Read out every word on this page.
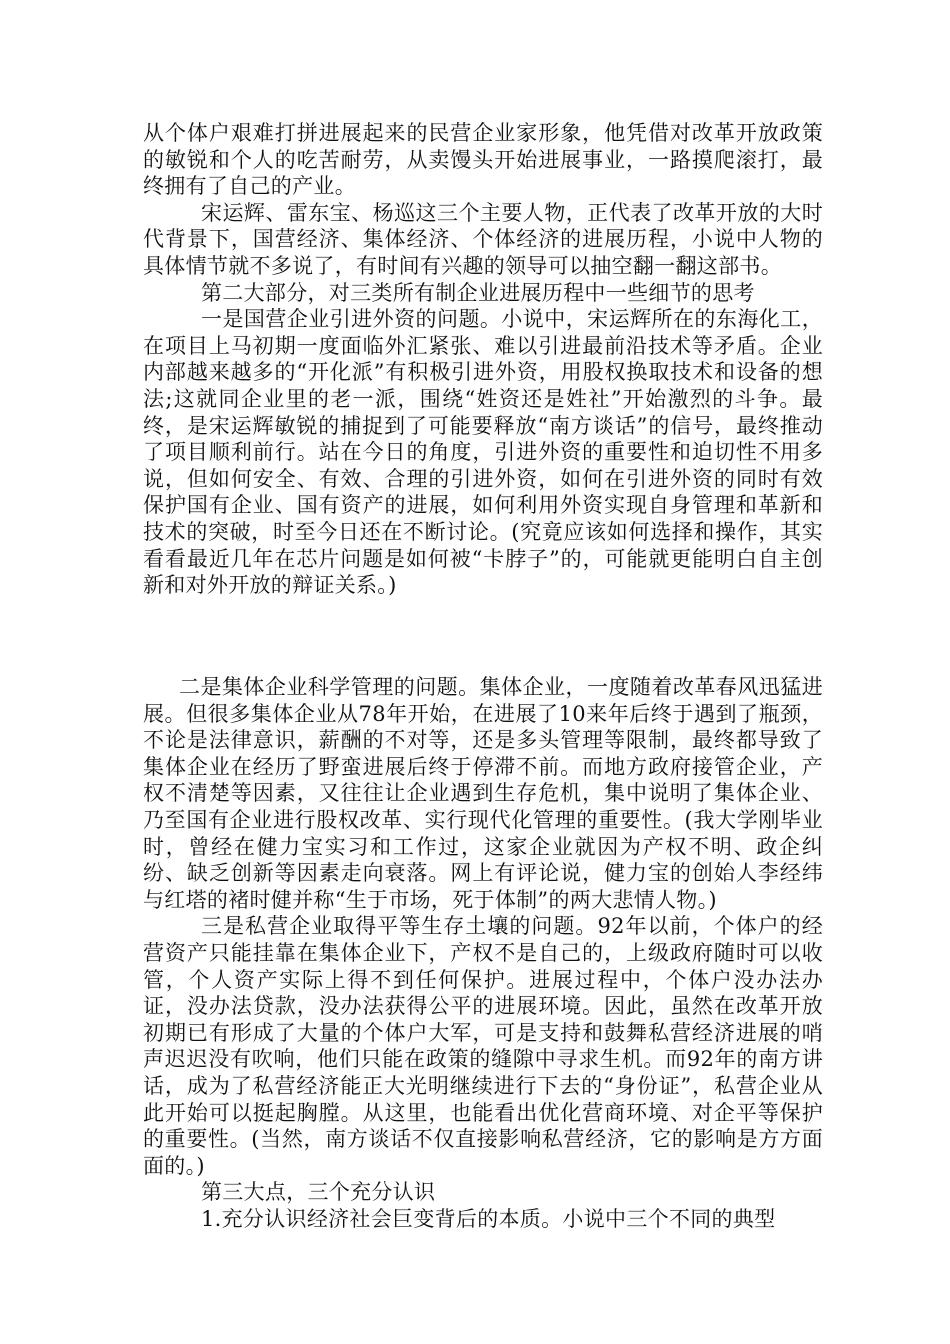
从个体户艰难打拼进展起来的民营企业家形象，他凭借对改革开放政策的敏锐和个人的吃苦耐劳，从卖馒头开始进展事业，一路摸爬滚打，最终拥有了自己的产业。

宋运辉、雷东宝、杨巡这三个主要人物，正代表了改革开放的大时代背景下，国营经济、集体经济、个体经济的进展历程，小说中人物的具体情节就不多说了，有时间有兴趣的领导可以抽空翻一翻这部书。

第二大部分，对三类所有制企业进展历程中一些细节的思考

一是国营企业引进外资的问题。小说中，宋运辉所在的东海化工，在项目上马初期一度面临外汇紧张、难以引进最前沿技术等矛盾。企业内部越来越多的“开化派”有积极引进外资，用股权换取技术和设备的想法;这就同企业里的老一派，围绕“姓资还是姓社”开始激烈的斗争。最终，是宋运辉敏锐的捕捉到了可能要释放“南方谈话”的信号，最终推动了项目顺利前行。站在今日的角度，引进外资的重要性和迫切性不用多说，但如何安全、有效、合理的引进外资，如何在引进外资的同时有效保护国有企业、国有资产的进展，如何利用外资实现自身管理和革新和技术的突破，时至今日还在不断讨论。(究竟应该如何选择和操作，其实看看最近几年在芯片问题是如何被“卡脖子”的，可能就更能明白自主创新和对外开放的辩证关系。)

二是集体企业科学管理的问题。集体企业，一度随着改革春风迅猛进展。但很多集体企业从78年开始，在进展了10来年后终于遇到了瓶颈，不论是法律意识，薪酬的不对等，还是多头管理等限制，最终都导致了集体企业在经历了野蛮进展后终于停滞不前。而地方政府接管企业，产权不清楚等因素，又往往让企业遇到生存危机，集中说明了集体企业、乃至国有企业进行股权改革、实行现代化管理的重要性。(我大学刚毕业时，曾经在健力宝实习和工作过，这家企业就因为产权不明、政企纠纷、缺乏创新等因素走向衰落。网上有评论说，健力宝的创始人李经纬与红塔的褚时健并称“生于市场，死于体制”的两大悲情人物。)

三是私营企业取得平等生存土壤的问题。92年以前，个体户的经营资产只能挂靠在集体企业下，产权不是自己的，上级政府随时可以收管，个人资产实际上得不到任何保护。进展过程中，个体户没办法办证，没办法贷款，没办法获得公平的进展环境。因此，虽然在改革开放初期已有形成了大量的个体户大军，可是支持和鼓舞私营经济进展的哨声迟迟没有吹响，他们只能在政策的缝隙中寻求生机。而92年的南方讲话，成为了私营经济能正大光明继续进行下去的“身份证”，私营企业从此开始可以挺起胸膛。从这里，也能看出优化营商环境、对企平等保护的重要性。(当然，南方谈话不仅直接影响私营经济，它的影响是方方面面的。)

第三大点，三个充分认识

1.充分认识经济社会巨变背后的本质。小说中三个不同的典型
